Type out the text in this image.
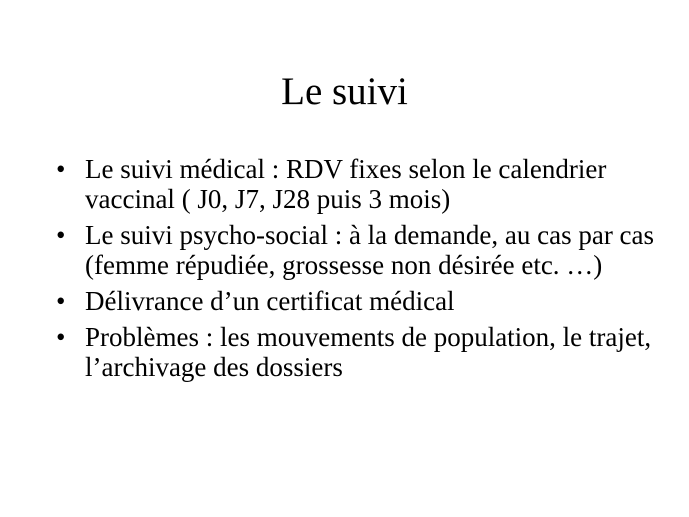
Le suivi
• Le suivi médical : RDV fixes selon le calendrier vaccinal ( J0, J7, J28 puis 3 mois)
• Le suivi psycho-social : à la demande, au cas par cas (femme répudiée, grossesse non désirée etc. …)
• Délivrance d’un certificat médical
• Problèmes : les mouvements de population, le trajet, l’archivage des dossiers
